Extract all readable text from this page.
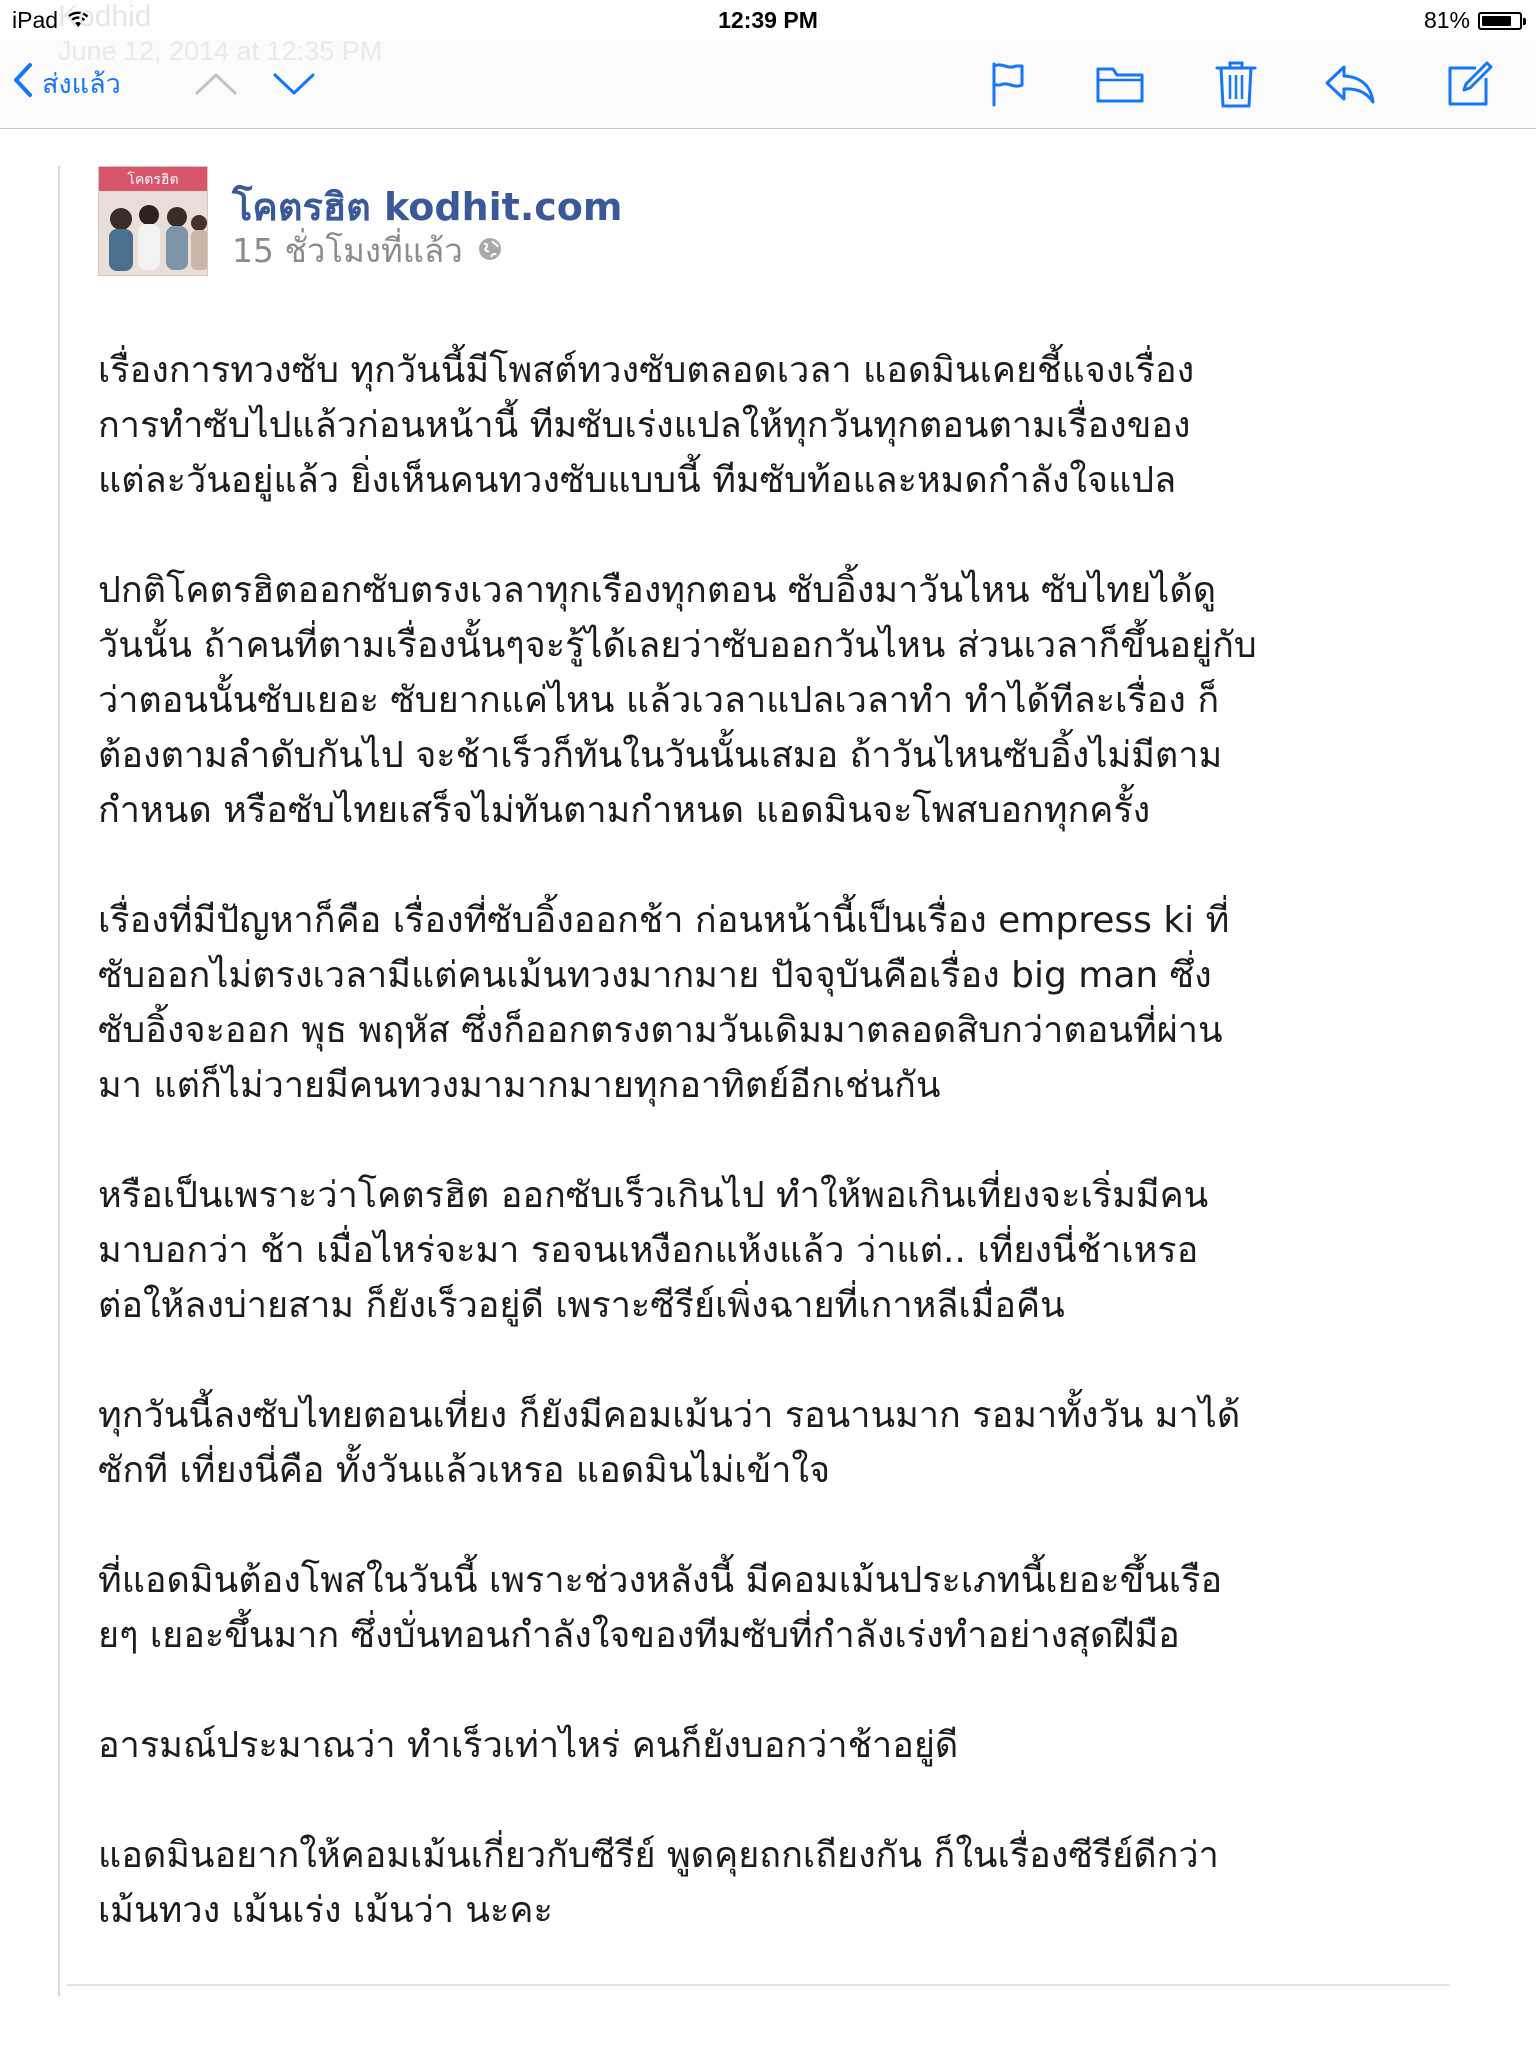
iPad	12:39 PM	81%
Kodhid
June 12, 2014 at 12:35 PM
ส่งแล้ว
โคตรฮิต
โคตรฮิต kodhit.com
15 ชั่วโมงที่แล้ว

เรื่องการทวงซับ ทุกวันนี้มีโพสต์ทวงซับตลอดเวลา แอดมินเคยชี้แจงเรื่อง
การทำซับไปแล้วก่อนหน้านี้ ทีมซับเร่งแปลให้ทุกวันทุกตอนตามเรื่องของ
แต่ละวันอยู่แล้ว ยิ่งเห็นคนทวงซับแบบนี้ ทีมซับท้อและหมดกำลังใจแปล

ปกติโคตรฮิตออกซับตรงเวลาทุกเรืองทุกตอน ซับอิ้งมาวันไหน ซับไทยได้ดู
วันนั้น ถ้าคนที่ตามเรื่องนั้นๆจะรู้ได้เลยว่าซับออกวันไหน ส่วนเวลาก็ขึ้นอยู่กับ
ว่าตอนนั้นซับเยอะ ซับยากแค่ไหน แล้วเวลาแปลเวลาทำ ทำได้ทีละเรื่อง ก็
ต้องตามลำดับกันไป จะช้าเร็วก็ทันในวันนั้นเสมอ ถ้าวันไหนซับอิ้งไม่มีตาม
กำหนด หรือซับไทยเสร็จไม่ทันตามกำหนด แอดมินจะโพสบอกทุกครั้ง

เรื่องที่มีปัญหาก็คือ เรื่องที่ซับอิ้งออกช้า ก่อนหน้านี้เป็นเรื่อง empress ki ที่
ซับออกไม่ตรงเวลามีแต่คนเม้นทวงมากมาย ปัจจุบันคือเรื่อง big man ซึ่ง
ซับอิ้งจะออก พุธ พฤหัส ซึ่งก็ออกตรงตามวันเดิมมาตลอดสิบกว่าตอนที่ผ่าน
มา แต่ก็ไม่วายมีคนทวงมามากมายทุกอาทิตย์อีกเช่นกัน

หรือเป็นเพราะว่าโคตรฮิต ออกซับเร็วเกินไป ทำให้พอเกินเที่ยงจะเริ่มมีคน
มาบอกว่า ช้า เมื่อไหร่จะมา รอจนเหงือกแห้งแล้ว ว่าแต่.. เที่ยงนี่ช้าเหรอ
ต่อให้ลงบ่ายสาม ก็ยังเร็วอยู่ดี เพราะซีรีย์เพิ่งฉายที่เกาหลีเมื่อคืน

ทุกวันนี้ลงซับไทยตอนเที่ยง ก็ยังมีคอมเม้นว่า รอนานมาก รอมาทั้งวัน มาได้
ซักที เที่ยงนี่คือ ทั้งวันแล้วเหรอ แอดมินไม่เข้าใจ

ที่แอดมินต้องโพสในวันนี้ เพราะช่วงหลังนี้ มีคอมเม้นประเภทนี้เยอะขึ้นเรือ
ยๆ เยอะขึ้นมาก ซึ่งบั่นทอนกำลังใจของทีมซับที่กำลังเร่งทำอย่างสุดฝีมือ

อารมณ์ประมาณว่า ทำเร็วเท่าไหร่ คนก็ยังบอกว่าช้าอยู่ดี

แอดมินอยากให้คอมเม้นเกี่ยวกับซีรีย์ พูดคุยถกเถียงกัน ก็ในเรื่องซีรีย์ดีกว่า
เม้นทวง เม้นเร่ง เม้นว่า นะคะ
